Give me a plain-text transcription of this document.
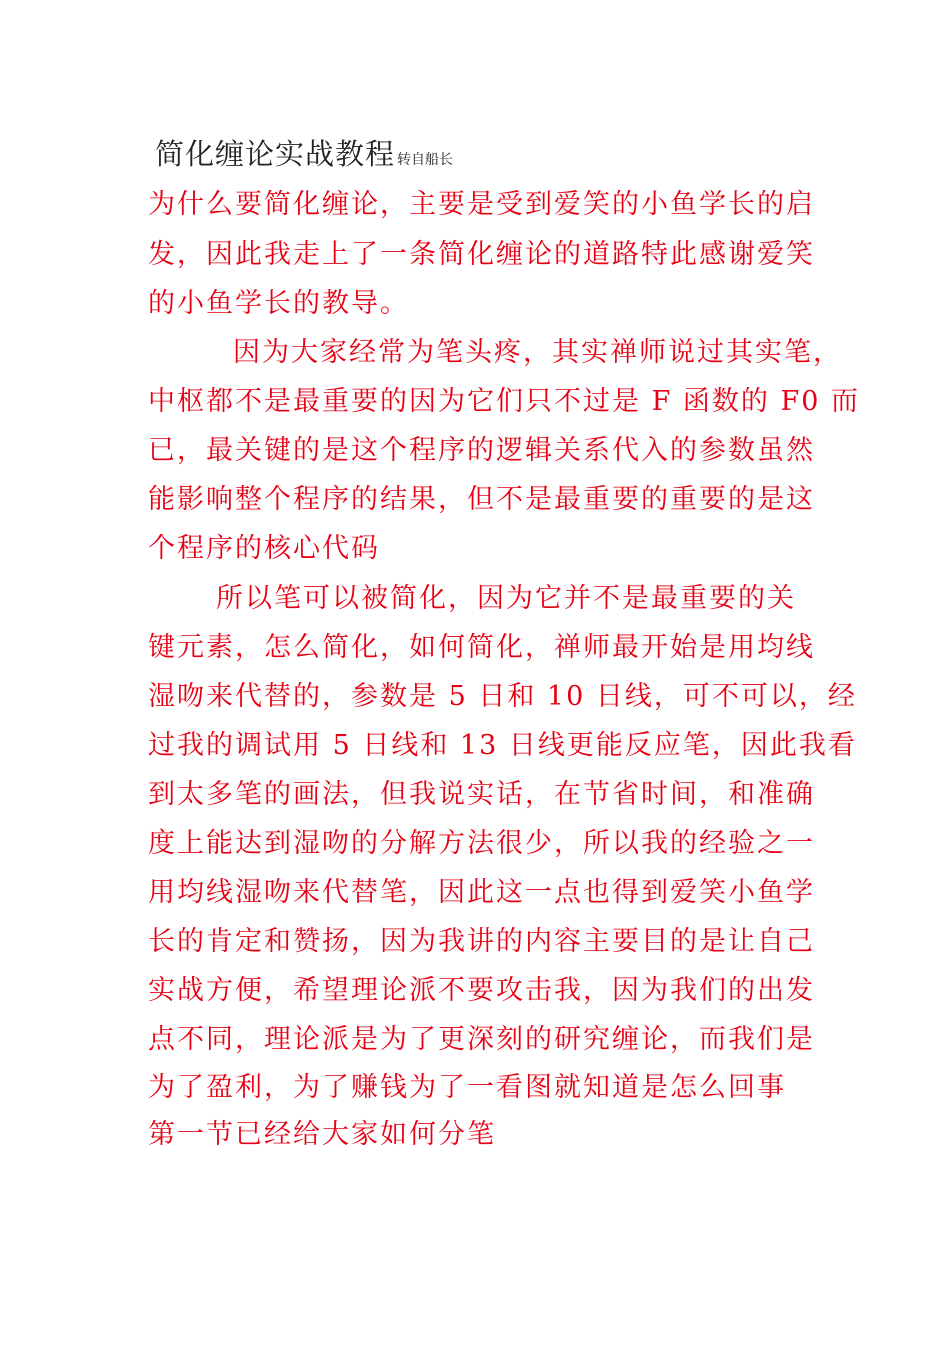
简化缠论实战教程 转自船长
为什么要简化缠论，主要是受到爱笑的小鱼学长的启
发，因此我走上了一条简化缠论的道路特此感谢爱笑
的小鱼学长的教导。
因为大家经常为笔头疼，其实禅师说过其实笔，
中枢都不是最重要的因为它们只不过是 F 函数的 F0 而
已，最关键的是这个程序的逻辑关系代入的参数虽然
能影响整个程序的结果，但不是最重要的重要的是这
个程序的核心代码
所以笔可以被简化，因为它并不是最重要的关
键元素，怎么简化，如何简化，禅师最开始是用均线
湿吻来代替的，参数是 5 日和 10 日线，可不可以，经
过我的调试用 5 日线和 13 日线更能反应笔，因此我看
到太多笔的画法，但我说实话，在节省时间，和准确
度上能达到湿吻的分解方法很少，所以我的经验之一
用均线湿吻来代替笔，因此这一点也得到爱笑小鱼学
长的肯定和赞扬，因为我讲的内容主要目的是让自己
实战方便，希望理论派不要攻击我，因为我们的出发
点不同，理论派是为了更深刻的研究缠论，而我们是
为了盈利，为了赚钱为了一看图就知道是怎么回事
第一节已经给大家如何分笔
